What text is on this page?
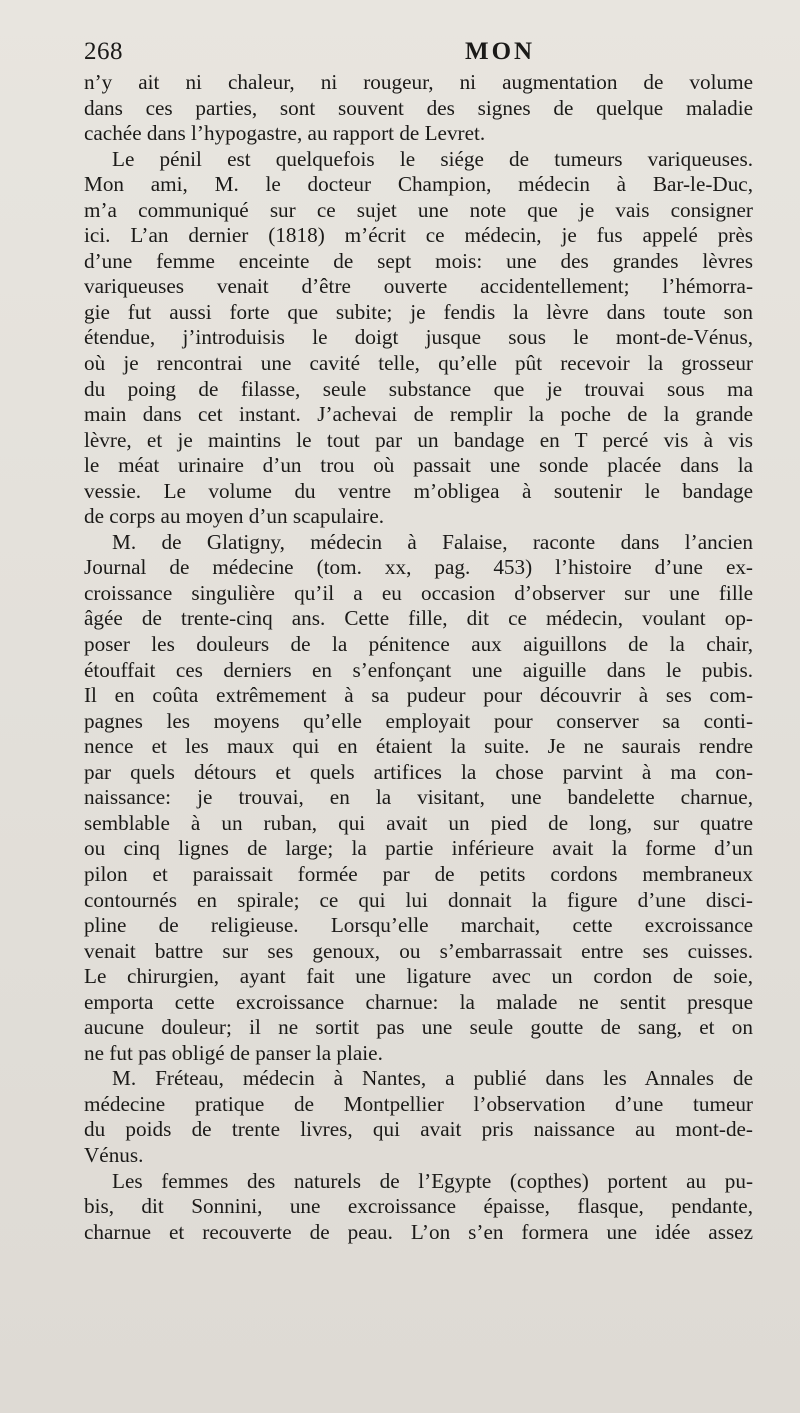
268	MON
n’y ait ni chaleur, ni rougeur, ni augmentation de volume
dans ces parties, sont souvent des signes de quelque maladie
cachée dans l’hypogastre, au rapport de Levret.
Le pénil est quelquefois le siége de tumeurs variqueuses.
Mon ami, M. le docteur Champion, médecin à Bar-le-Duc,
m’a communiqué sur ce sujet une note que je vais consigner
ici. L’an dernier (1818) m’écrit ce médecin, je fus appelé près
d’une femme enceinte de sept mois: une des grandes lèvres
variqueuses venait d’être ouverte accidentellement; l’hémorra-
gie fut aussi forte que subite; je fendis la lèvre dans toute son
étendue, j’introduisis le doigt jusque sous le mont-de-Vénus,
où je rencontrai une cavité telle, qu’elle pût recevoir la grosseur
du poing de filasse, seule substance que je trouvai sous ma
main dans cet instant. J’achevai de remplir la poche de la grande
lèvre, et je maintins le tout par un bandage en T percé vis à vis
le méat urinaire d’un trou où passait une sonde placée dans la
vessie. Le volume du ventre m’obligea à soutenir le bandage
de corps au moyen d’un scapulaire.
M. de Glatigny, médecin à Falaise, raconte dans l’ancien
Journal de médecine (tom. xx, pag. 453) l’histoire d’une ex-
croissance singulière qu’il a eu occasion d’observer sur une fille
âgée de trente-cinq ans. Cette fille, dit ce médecin, voulant op-
poser les douleurs de la pénitence aux aiguillons de la chair,
étouffait ces derniers en s’enfonçant une aiguille dans le pubis.
Il en coûta extrêmement à sa pudeur pour découvrir à ses com-
pagnes les moyens qu’elle employait pour conserver sa conti-
nence et les maux qui en étaient la suite. Je ne saurais rendre
par quels détours et quels artifices la chose parvint à ma con-
naissance: je trouvai, en la visitant, une bandelette charnue,
semblable à un ruban, qui avait un pied de long, sur quatre
ou cinq lignes de large; la partie inférieure avait la forme d’un
pilon et paraissait formée par de petits cordons membraneux
contournés en spirale; ce qui lui donnait la figure d’une disci-
pline de religieuse. Lorsqu’elle marchait, cette excroissance
venait battre sur ses genoux, ou s’embarrassait entre ses cuisses.
Le chirurgien, ayant fait une ligature avec un cordon de soie,
emporta cette excroissance charnue: la malade ne sentit presque
aucune douleur; il ne sortit pas une seule goutte de sang, et on
ne fut pas obligé de panser la plaie.
M. Fréteau, médecin à Nantes, a publié dans les Annales de
médecine pratique de Montpellier l’observation d’une tumeur
du poids de trente livres, qui avait pris naissance au mont-de-
Vénus.
Les femmes des naturels de l’Egypte (copthes) portent au pu-
bis, dit Sonnini, une excroissance épaisse, flasque, pendante,
charnue et recouverte de peau. L’on s’en formera une idée assez
